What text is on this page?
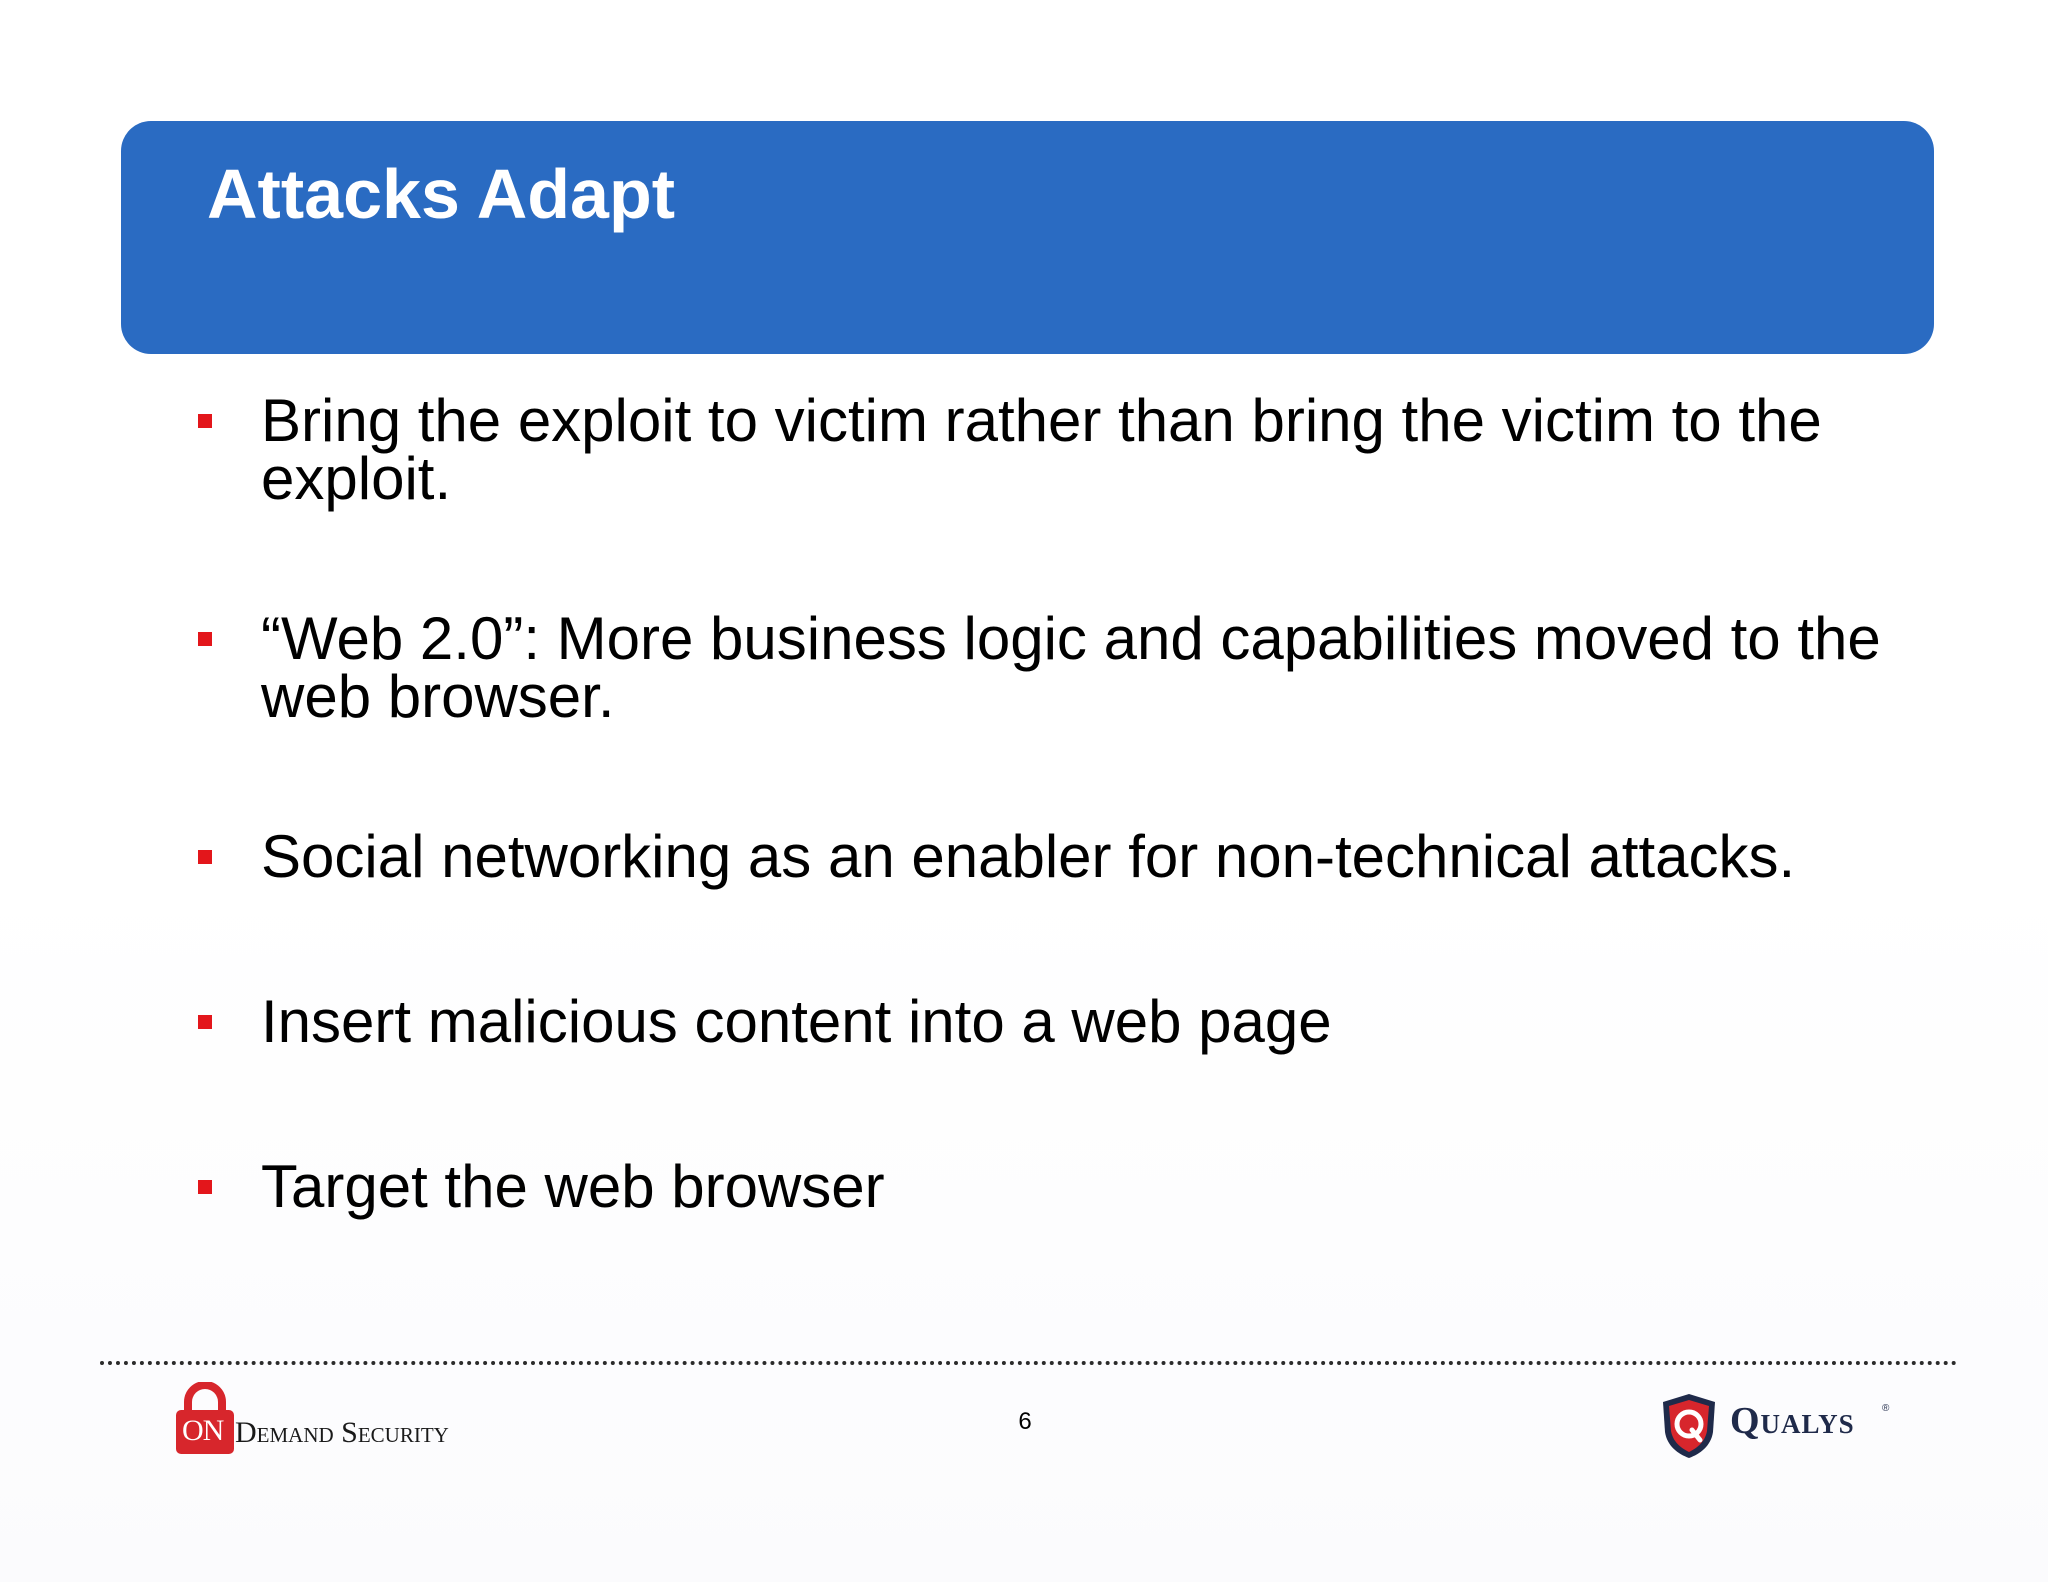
Attacks Adapt
Bring the exploit to victim rather than bring the victim to the exploit.
“Web 2.0”: More business logic and capabilities moved to the web browser.
Social networking as an enabler for non-technical attacks.
Insert malicious content into a web page
Target the web browser
ON Demand Security	6	Qualys	®
